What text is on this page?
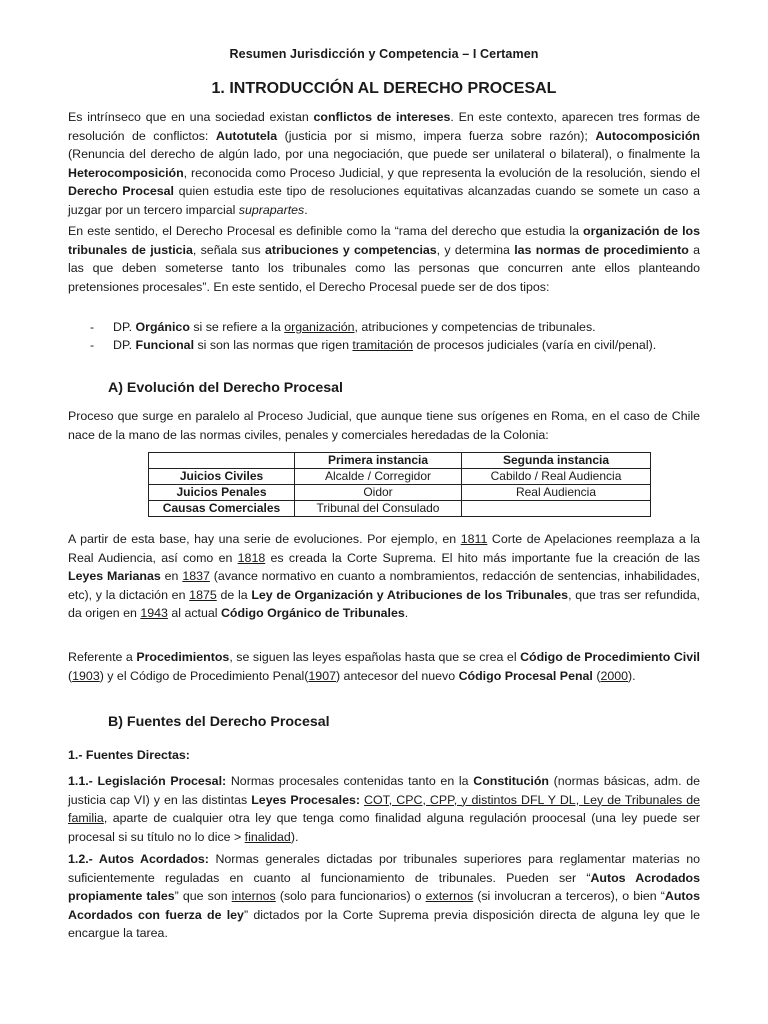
Resumen Jurisdicción y Competencia – I Certamen
1. INTRODUCCIÓN AL DERECHO PROCESAL

Es intrínseco que en una sociedad existan conflictos de intereses. En este contexto, aparecen tres formas de resolución de conflictos: Autotutela (justicia por si mismo, impera fuerza sobre razón); Autocomposición (Renuncia del derecho de algún lado, por una negociación, que puede ser unilateral o bilateral), o finalmente la Heterocomposición, reconocida como Proceso Judicial, y que representa la evolución de la resolución, siendo el Derecho Procesal quien estudia este tipo de resoluciones equitativas alcanzadas cuando se somete un caso a juzgar por un tercero imparcial suprapartes.

En este sentido, el Derecho Procesal es definible como la “rama del derecho que estudia la organización de los tribunales de justicia, señala sus atribuciones y competencias, y determina las normas de procedimiento a las que deben someterse tanto los tribunales como las personas que concurren ante ellos planteando pretensiones procesales”. En este sentido, el Derecho Procesal puede ser de dos tipos:

- DP. Orgánico si se refiere a la organización, atribuciones y competencias de tribunales.
- DP. Funcional si son las normas que rigen tramitación de procesos judiciales (varía en civil/penal).
A) Evolución del Derecho Procesal

Proceso que surge en paralelo al Proceso Judicial, que aunque tiene sus orígenes en Roma, en el caso de Chile nace de la mano de las normas civiles, penales y comerciales heredadas de la Colonia:

	Primera instancia	Segunda instancia
Juicios Civiles	Alcalde / Corregidor	Cabildo / Real Audiencia
Juicios Penales	Oidor	Real Audiencia
Causas Comerciales	Tribunal del Consulado	

A partir de esta base, hay una serie de evoluciones. Por ejemplo, en 1811 Corte de Apelaciones reemplaza a la Real Audiencia, así como en 1818 es creada la Corte Suprema. El hito más importante fue la creación de las Leyes Marianas en 1837 (avance normativo en cuanto a nombramientos, redacción de sentencias, inhabilidades, etc), y la dictación en 1875 de la Ley de Organización y Atribuciones de los Tribunales, que tras ser refundida, da origen en 1943 al actual Código Orgánico de Tribunales.

Referente a Procedimientos, se siguen las leyes españolas hasta que se crea el Código de Procedimiento Civil (1903) y el Código de Procedimiento Penal(1907) antecesor del nuevo Código Procesal Penal (2000).

B) Fuentes del Derecho Procesal

1.- Fuentes Directas:

1.1.- Legislación Procesal: Normas procesales contenidas tanto en la Constitución (normas básicas, adm. de justicia cap VI) y en las distintas Leyes Procesales: COT, CPC, CPP, y distintos DFL Y DL, Ley de Tribunales de familia, aparte de cualquier otra ley que tenga como finalidad alguna regulación proocesal (una ley puede ser procesal si su título no lo dice > finalidad).

1.2.- Autos Acordados: Normas generales dictadas por tribunales superiores para reglamentar materias no suficientemente reguladas en cuanto al funcionamiento de tribunales. Pueden ser “Autos Acrodados propiamente tales” que son internos (solo para funcionarios) o externos (si involucran a terceros), o bien “Autos Acordados con fuerza de ley” dictados por la Corte Suprema previa disposición directa de alguna ley que le encargue la tarea.
